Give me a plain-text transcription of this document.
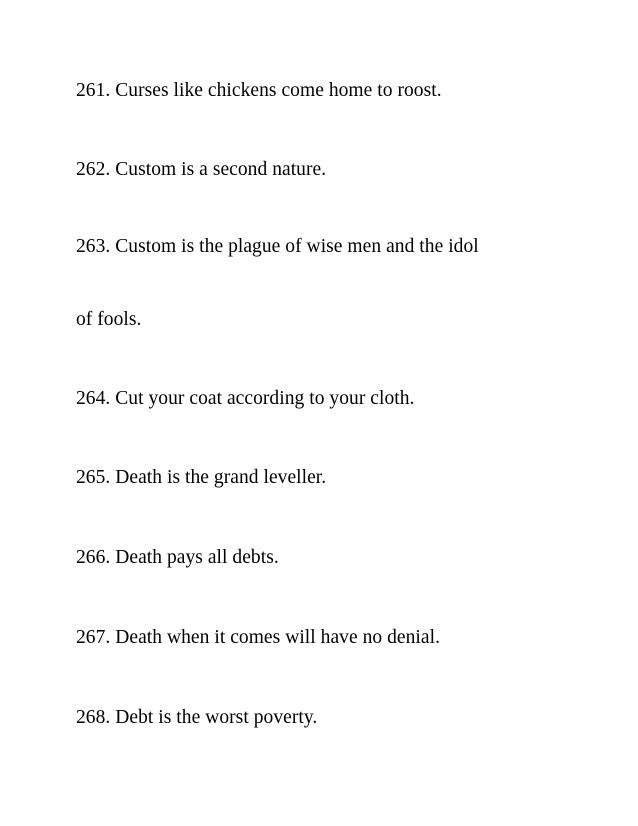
261. Curses like chickens come home to roost.

262. Custom is a second nature.

263. Custom is the plague of wise men and the idol

of fools.

264. Cut your coat according to your cloth.

265. Death is the grand leveller.

266. Death pays all debts.

267. Death when it comes will have no denial.

268. Debt is the worst poverty.
